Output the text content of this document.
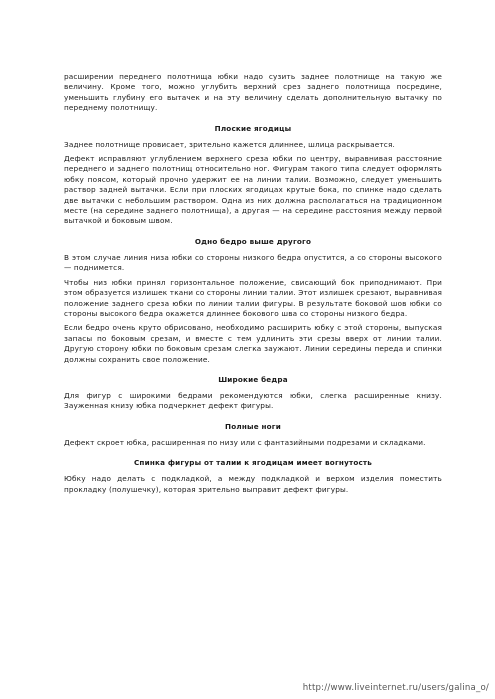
расширении переднего полотнища юбки надо сузить заднее полотнище на такую же величину. Кроме того, можно углубить верхний срез заднего полотнища посредине, уменьшить глубину его вытачек и на эту величину сделать дополнительную вытачку по переднему полотнищу.

Плоские ягодицы

Заднее полотнище провисает, зрительно кажется длиннее, шлица раскрывается.

Дефект исправляют углублением верхнего среза юбки по центру, выравнивая расстояние переднего и заднего полотнищ относительно ног. Фигурам такого типа следует оформлять юбку поясом, который прочно удержит ее на линии талии. Возможно, следует уменьшить раствор задней вытачки. Если при плоских ягодицах крутые бока, по спинке надо сделать две вытачки с небольшим раствором. Одна из них должна располагаться на традиционном месте (на середине заднего полотнища), а другая — на середине расстояния между первой вытачкой и боковым швом.

Одно бедро выше другого

В этом случае линия низа юбки со стороны низкого бедра опустится, а со стороны высокого — поднимется.

Чтобы низ юбки принял горизонтальное положение, свисающий бок приподнимают. При этом образуется излишек ткани со стороны линии талии. Этот излишек срезают, выравнивая положение заднего среза юбки по линии талии фигуры. В результате боковой шов юбки со стороны высокого бедра окажется длиннее бокового шва со стороны низкого бедра.

Если бедро очень круто обрисовано, необходимо расширить юбку с этой стороны, выпуская запасы по боковым срезам, и вместе с тем удлинить эти срезы вверх от линии талии. Другую сторону юбки по боковым срезам слегка заужают. Линии середины переда и спинки должны сохранить свое положение.

Широкие бедра

Для фигур с широкими бедрами рекомендуются юбки, слегка расширенные книзу. Зауженная книзу юбка подчеркнет дефект фигуры.

Полные ноги

Дефект скроет юбка, расширенная по низу или с фантазийными подрезами и складками.

Спинка фигуры от талии к ягодицам имеет вогнутость

Юбку надо делать с подкладкой, а между подкладкой и верхом изделия поместить прокладку (полушечку), которая зрительно выправит дефект фигуры.

http://www.liveinternet.ru/users/galina_o/
